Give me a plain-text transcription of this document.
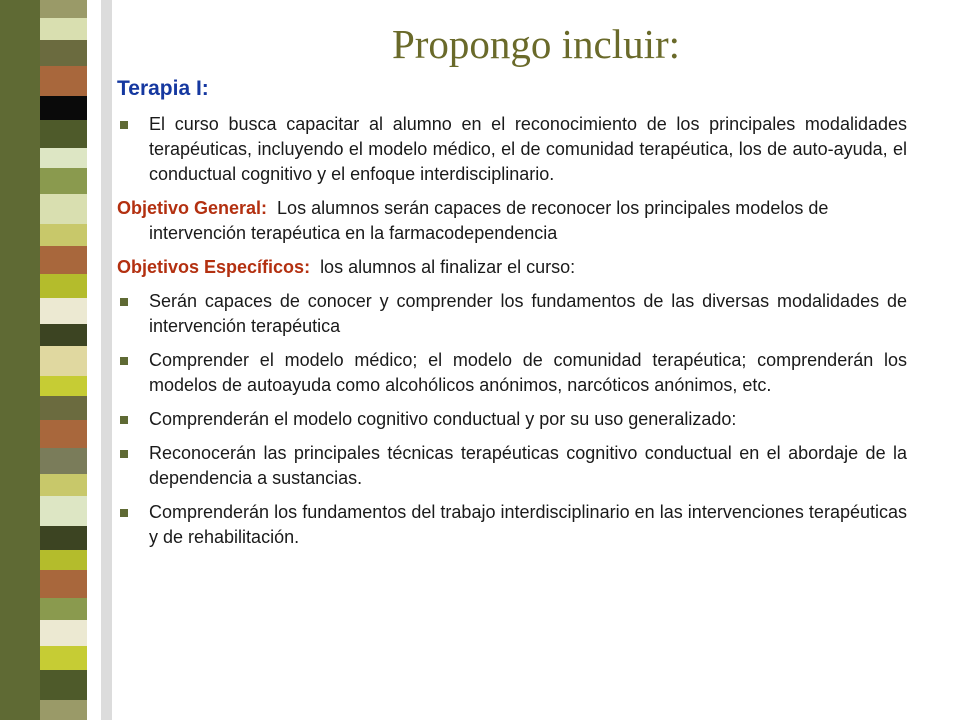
Propongo incluir:
Terapia I:
El curso busca capacitar al alumno en el reconocimiento de los principales modalidades terapéuticas, incluyendo el modelo médico, el de comunidad terapéutica, los de auto-ayuda, el conductual cognitivo y el enfoque interdisciplinario.
Objetivo General: Los alumnos serán capaces de reconocer los principales modelos de intervención terapéutica en la farmacodependencia
Objetivos Específicos: los alumnos al finalizar el curso:
Serán capaces de conocer y comprender los fundamentos de las diversas modalidades de intervención terapéutica
Comprender el modelo médico; el modelo de comunidad terapéutica; comprenderán los modelos de autoayuda como alcohólicos anónimos, narcóticos anónimos, etc.
Comprenderán el modelo cognitivo conductual y por su uso generalizado:
Reconocerán las principales técnicas terapéuticas cognitivo conductual en el abordaje de la dependencia a sustancias.
Comprenderán los fundamentos del trabajo interdisciplinario en las intervenciones terapéuticas y de rehabilitación.
